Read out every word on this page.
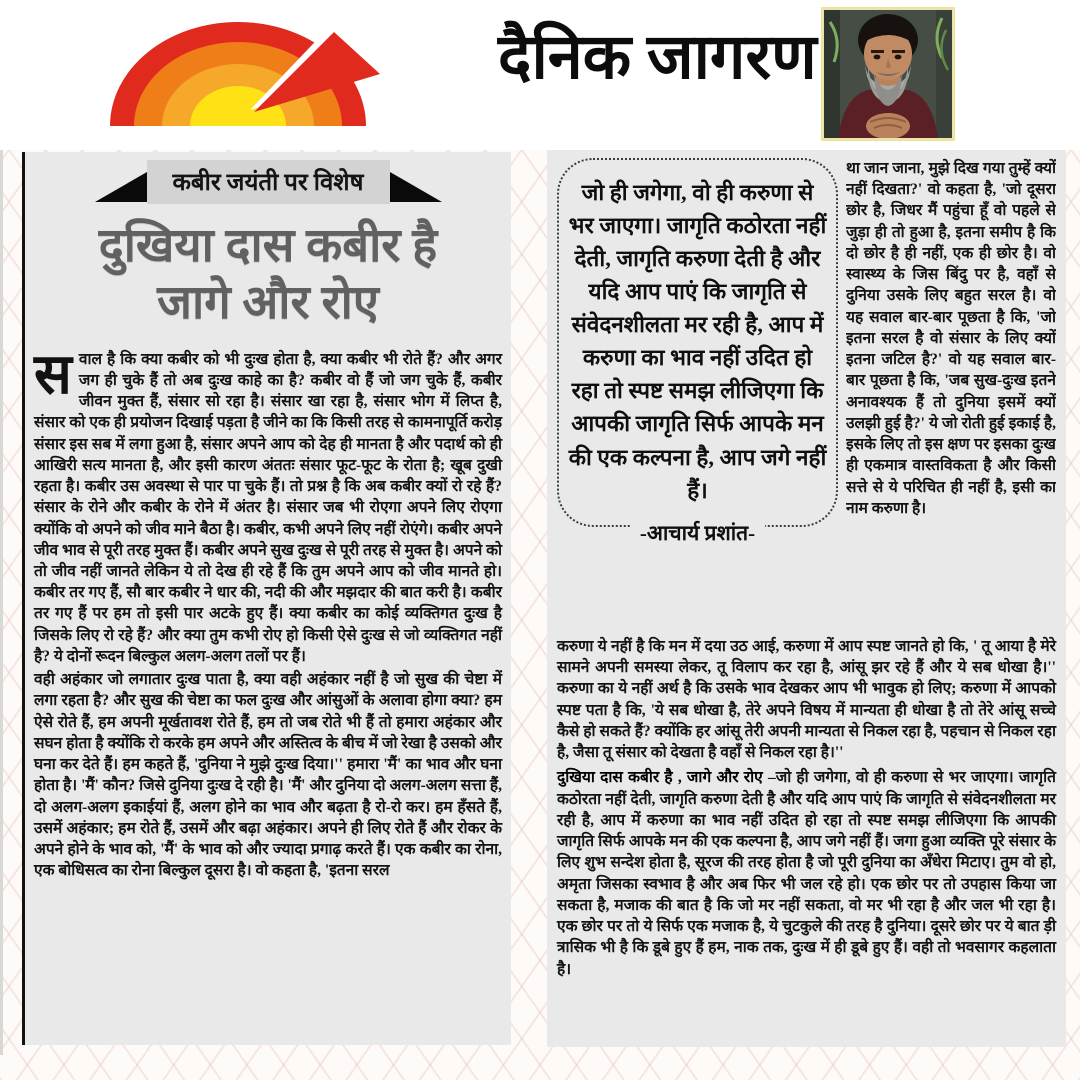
दैनिक जागरण
कबीर जयंती पर विशेष
दुखिया दास कबीर है
जागे और रोए

सवाल है कि क्या कबीर को भी दुःख होता है, क्या कबीर भी रोते हैं? और अगर जग ही चुके हैं तो अब दुःख काहे का है? कबीर वो हैं जो जग चुके हैं, कबीर जीवन मुक्त हैं, संसार सो रहा है। संसार खा रहा है, संसार भोग में लिप्त है, संसार को एक ही प्रयोजन दिखाई पड़ता है जीने का कि किसी तरह से कामनापूर्ति करोड़ संसार इस सब में लगा हुआ है, संसार अपने आप को देह ही मानता है और पदार्थ को ही आखिरी सत्य मानता है, और इसी कारण अंततः संसार फूट-फूट के रोता है; खूब दुखी रहता है। कबीर उस अवस्था से पार पा चुके हैं। तो प्रश्न है कि अब कबीर क्यों रो रहे हैं? संसार के रोने और कबीर के रोने में अंतर है। संसार जब भी रोएगा अपने लिए रोएगा क्योंकि वो अपने को जीव माने बैठा है। कबीर, कभी अपने लिए नहीं रोएंगे। कबीर अपने जीव भाव से पूरी तरह मुक्त हैं। कबीर अपने सुख दुःख से पूरी तरह से मुक्त है। अपने को तो जीव नहीं जानते लेकिन ये तो देख ही रहे हैं कि तुम अपने आप को जीव मानते हो। कबीर तर गए हैं, सौ बार कबीर ने धार की, नदी की और मझदार की बात करी है। कबीर तर गए हैं पर हम तो इसी पार अटके हुए हैं। क्या कबीर का कोई व्यक्तिगत दुःख है जिसके लिए रो रहे हैं? और क्या तुम कभी रोए हो किसी ऐसे दुःख से जो व्यक्तिगत नहीं है? ये दोनों रूदन बिल्कुल अलग-अलग तलों पर हैं।

वही अहंकार जो लगातार दुःख पाता है, क्या वही अहंकार नहीं है जो सुख की चेष्टा में लगा रहता है? और सुख की चेष्टा का फल दुःख और आंसुओं के अलावा होगा क्या? हम ऐसे रोते हैं, हम अपनी मूर्खतावश रोते हैं, हम तो जब रोते भी हैं तो हमारा अहंकार और सघन होता है क्योंकि रो करके हम अपने और अस्तित्व के बीच में जो रेखा है उसको और घना कर देते हैं। हम कहते हैं, 'दुनिया ने मुझे दुःख दिया।'' हमारा 'मैं' का भाव और घना होता है। 'मैं' कौन? जिसे दुनिया दुःख दे रही है। 'मैं' और दुनिया दो अलग-अलग सत्ता हैं, दो अलग-अलग इकाईयां हैं, अलग होने का भाव और बढ़ता है रो-रो कर। हम हँसते हैं, उसमें अहंकार; हम रोते हैं, उसमें और बढ़ा अहंकार। अपने ही लिए रोते हैं और रोकर के अपने होने के भाव को, 'मैं' के भाव को और ज्यादा प्रगाढ़ करते हैं। एक कबीर का रोना, एक बोधिसत्व का रोना बिल्कुल दूसरा है। वो कहता है, 'इतना सरल

जो ही जगेगा, वो ही करुणा से भर जाएगा। जागृति कठोरता नहीं देती, जागृति करुणा देती है और यदि आप पाएं कि जागृति से संवेदनशीलता मर रही है, आप में करुणा का भाव नहीं उदित हो रहा तो स्पष्ट समझ लीजिएगा कि आपकी जागृति सिर्फ आपके मन की एक कल्पना है, आप जगे नहीं हैं।
-आचार्य प्रशांत-
था जान जाना, मुझे दिख गया तुम्हें क्यों नहीं दिखता?' वो कहता है, 'जो दूसरा छोर है, जिधर मैं पहुंचा हूँ वो पहले से जुड़ा ही तो हुआ है, इतना समीप है कि दो छोर है ही नहीं, एक ही छोर है। वो स्वास्थ्य के जिस बिंदु पर है, वहाँ से दुनिया उसके लिए बहुत सरल है। वो यह सवाल बार-बार पूछता है कि, 'जो इतना सरल है वो संसार के लिए क्यों इतना जटिल है?' वो यह सवाल बार-बार पूछता है कि, 'जब सुख-दुःख इतने अनावश्यक हैं तो दुनिया इसमें क्यों उलझी हुई है?' ये जो रोती हुई इकाई है, इसके लिए तो इस क्षण पर इसका दुःख ही एकमात्र वास्तविकता है और किसी सत्ते से ये परिचित ही नहीं है, इसी का नाम करुणा है।
करुणा ये नहीं है कि मन में दया उठ आई, करुणा में आप स्पष्ट जानते हो कि, ' तू आया है मेरे सामने अपनी समस्या लेकर, तू विलाप कर रहा है, आंसू झर रहे हैं और ये सब धोखा है।'' करुणा का ये नहीं अर्थ है कि उसके भाव देखकर आप भी भावुक हो लिए; करुणा में आपको स्पष्ट पता है कि, 'ये सब धोखा है, तेरे अपने विषय में मान्यता ही धोखा है तो तेरे आंसू सच्चे कैसे हो सकते हैं? क्योंकि हर आंसू तेरी अपनी मान्यता से निकल रहा है, पहचान से निकल रहा है, जैसा तू संसार को देखता है वहाँ से निकल रहा है।''
दुखिया दास कबीर है , जागे और रोए –जो ही जगेगा, वो ही करुणा से भर जाएगा। जागृति कठोरता नहीं देती, जागृति करुणा देती है और यदि आप पाएं कि जागृति से संवेदनशीलता मर रही है, आप में करुणा का भाव नहीं उदित हो रहा तो स्पष्ट समझ लीजिएगा कि आपकी जागृति सिर्फ आपके मन की एक कल्पना है, आप जगे नहीं हैं। जगा हुआ व्यक्ति पूरे संसार के लिए शुभ सन्देश होता है, सूरज की तरह होता है जो पूरी दुनिया का अँधेरा मिटाए। तुम वो हो, अमृता जिसका स्वभाव है और अब फिर भी जल रहे हो। एक छोर पर तो उपहास किया जा सकता है, मजाक की बात है कि जो मर नहीं सकता, वो मर भी रहा है और जल भी रहा है। एक छोर पर तो ये सिर्फ एक मजाक है, ये चुटकुले की तरह है दुनिया। दूसरे छोर पर ये बात ड़ी त्रासिक भी है कि डूबे हुए हैं हम, नाक तक, दुःख में ही डूबे हुए हैं। वही तो भवसागर कहलाता है।
